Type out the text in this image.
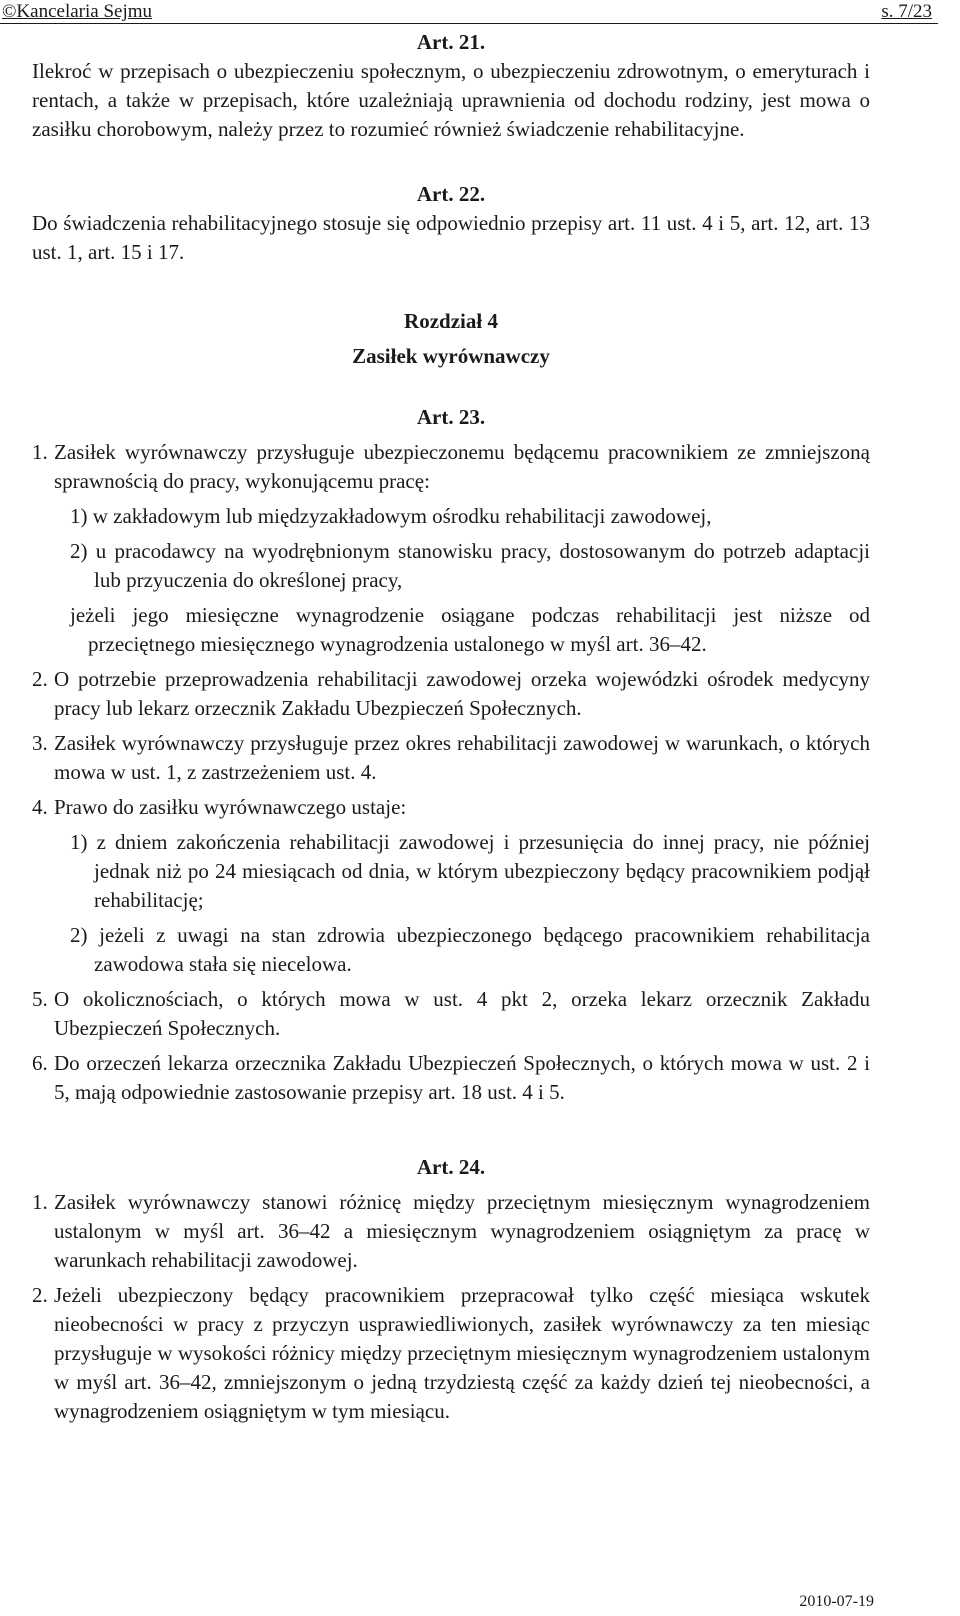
©Kancelaria Sejmu	s. 7/23

Art. 21.

Ilekroć w przepisach o ubezpieczeniu społecznym, o ubezpieczeniu zdrowotnym, o emeryturach i rentach, a także w przepisach, które uzależniają uprawnienia od dochodu rodziny, jest mowa o zasiłku chorobowym, należy przez to rozumieć również świadczenie rehabilitacyjne.

Art. 22.

Do świadczenia rehabilitacyjnego stosuje się odpowiednio przepisy art. 11 ust. 4 i 5, art. 12, art. 13 ust. 1, art. 15 i 17.

Rozdział 4

Zasiłek wyrównawczy

Art. 23.

1. Zasiłek wyrównawczy przysługuje ubezpieczonemu będącemu pracownikiem ze zmniejszoną sprawnością do pracy, wykonującemu pracę:

1) w zakładowym lub międzyzakładowym ośrodku rehabilitacji zawodowej,

2) u pracodawcy na wyodrębnionym stanowisku pracy, dostosowanym do potrzeb adaptacji lub przyuczenia do określonej pracy,

jeżeli jego miesięczne wynagrodzenie osiągane podczas rehabilitacji jest niższe od przeciętnego miesięcznego wynagrodzenia ustalonego w myśl art. 36–42.

2. O potrzebie przeprowadzenia rehabilitacji zawodowej orzeka wojewódzki ośrodek medycyny pracy lub lekarz orzecznik Zakładu Ubezpieczeń Społecznych.

3. Zasiłek wyrównawczy przysługuje przez okres rehabilitacji zawodowej w warunkach, o których mowa w ust. 1, z zastrzeżeniem ust. 4.

4. Prawo do zasiłku wyrównawczego ustaje:

1) z dniem zakończenia rehabilitacji zawodowej i przesunięcia do innej pracy, nie później jednak niż po 24 miesiącach od dnia, w którym ubezpieczony będący pracownikiem podjął rehabilitację;

2) jeżeli z uwagi na stan zdrowia ubezpieczonego będącego pracownikiem rehabilitacja zawodowa stała się niecelowa.

5. O okolicznościach, o których mowa w ust. 4 pkt 2, orzeka lekarz orzecznik Zakładu Ubezpieczeń Społecznych.

6. Do orzeczeń lekarza orzecznika Zakładu Ubezpieczeń Społecznych, o których mowa w ust. 2 i 5, mają odpowiednie zastosowanie przepisy art. 18 ust. 4 i 5.

Art. 24.

1. Zasiłek wyrównawczy stanowi różnicę między przeciętnym miesięcznym wynagrodzeniem ustalonym w myśl art. 36–42 a miesięcznym wynagrodzeniem osiągniętym za pracę w warunkach rehabilitacji zawodowej.

2. Jeżeli ubezpieczony będący pracownikiem przepracował tylko część miesiąca wskutek nieobecności w pracy z przyczyn usprawiedliwionych, zasiłek wyrównawczy za ten miesiąc przysługuje w wysokości różnicy między przeciętnym miesięcznym wynagrodzeniem ustalonym w myśl art. 36–42, zmniejszonym o jedną trzydziestą część za każdy dzień tej nieobecności, a wynagrodzeniem osiągniętym w tym miesiącu.

2010-07-19
